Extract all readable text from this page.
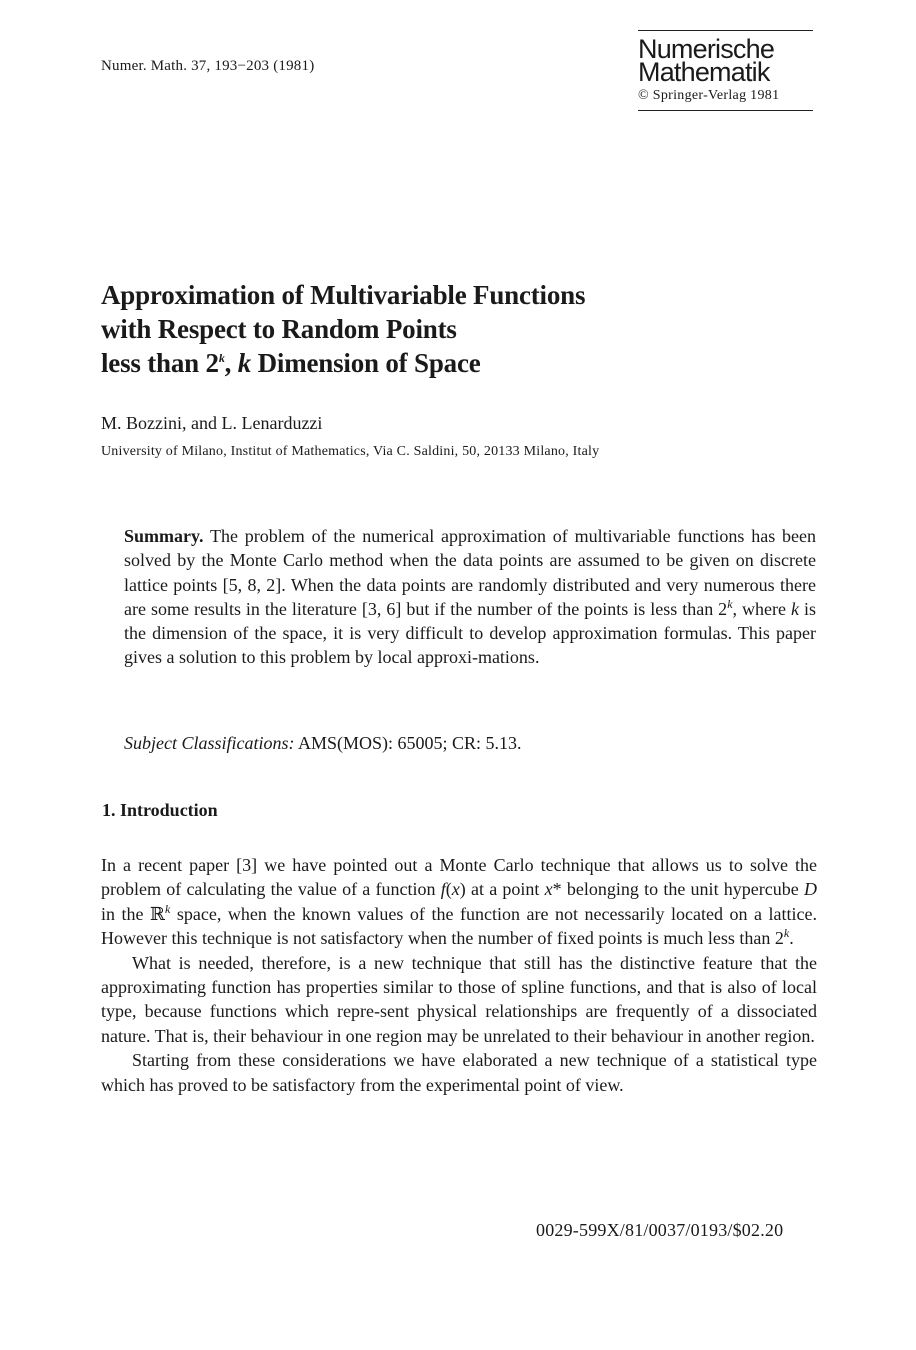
Numer. Math. 37, 193−203 (1981)
Numerische
Mathematik
© Springer-Verlag 1981
Approximation of Multivariable Functions
with Respect to Random Points
less than 2$^k$, k Dimension of Space
M. Bozzini, and L. Lenarduzzi
University of Milano, Institut of Mathematics, Via C. Saldini, 50, 20133 Milano, Italy
Summary. The problem of the numerical approximation of multivariable functions has been solved by the Monte Carlo method when the data points are assumed to be given on discrete lattice points [5, 8, 2]. When the data points are randomly distributed and very numerous there are some results in the literature [3, 6] but if the number of the points is less than 2$^k$, where k is the dimension of the space, it is very difficult to develop approximation formulas. This paper gives a solution to this problem by local approxi-mations.
Subject Classifications: AMS(MOS): 65005; CR: 5.13.
1. Introduction

In a recent paper [3] we have pointed out a Monte Carlo technique that allows us to solve the problem of calculating the value of a function f(x) at a point x* belonging to the unit hypercube D in the ℝ$^k$ space, when the known values of the function are not necessarily located on a lattice. However this technique is not satisfactory when the number of fixed points is much less than 2$^k$.

What is needed, therefore, is a new technique that still has the distinctive feature that the approximating function has properties similar to those of spline functions, and that is also of local type, because functions which repre-sent physical relationships are frequently of a dissociated nature. That is, their behaviour in one region may be unrelated to their behaviour in another region.

Starting from these considerations we have elaborated a new technique of a statistical type which has proved to be satisfactory from the experimental point of view.

0029-599X/81/0037/0193/$02.20
